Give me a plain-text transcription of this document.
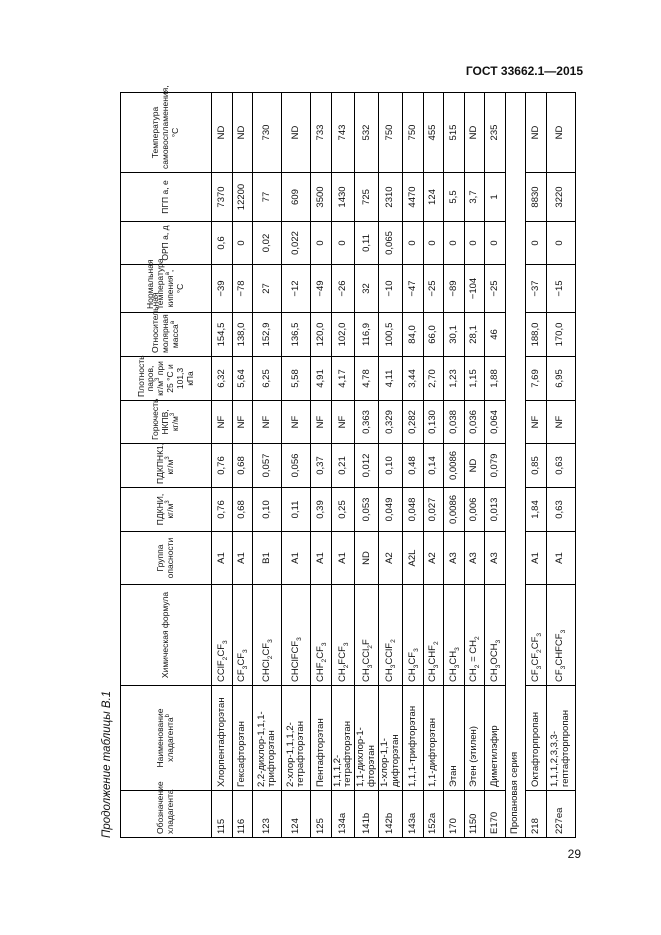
ГОСТ 33662.1—2015
Продолжение таблицы В.1	Обозначение хладагента	Наименование хладагента$^b$	Химическая формула	Группа опасности	ПДКНИ, $кг/м^3$	ПДКПНК1, $кг/м^3$	Горючесть НКПВ, $кг/м^3$	Плотность паров, $кг/м^3$ при 25 °C и 101,3 кПа	Относительная молярная масса$^a$	Нормальная температура кипения$^a$, °C	ОРП а, д	ПГП а, е	Температура самовоспламенения, °C
115	Хлорпентафторэтан	$CClF_2CF_3$	A1	0,76	0,76	NF	6,32	154,5	−39	0,6	7370	ND
116	Гексафторэтан	$CF_3CF_3$	A1	0,68	0,68	NF	5,64	138,0	−78	0	12200	ND
123	2,2-дихлор-1,1,1-трифторэтан	$CHCl_2CF_3$	B1	0,10	0,057	NF	6,25	152,9	27	0,02	77	730
124	2-хлор-1,1,1,2-тетрафторэтан	CHClFCF$_3$	A1	0,11	0,056	NF	5,58	136,5	−12	0,022	609	ND
125	Пентафторэтан	$CHF_2CF_3$	A1	0,39	0,37	NF	4,91	120,0	−49	0	3500	733
134a	1,1,1,2-тетрафторэтан	$CH_2FCF_3$	A1	0,25	0,21	NF	4,17	102,0	−26	0	1430	743
141b	1,1-дихлор-1-фторэтан	$CH_3CCl_2F$	ND	0,053	0,012	0,363	4,78	116,9	32	0,11	725	532
142b	1-хлор-1,1-дифторэтан	$CH_3CClF_2$	A2	0,049	0,10	0,329	4,11	100,5	−10	0,065	2310	750
143a	1,1,1-трифторэтан	$CH_3CF_3$	A2L	0,048	0,48	0,282	3,44	84,0	−47	0	4470	750
152a	1,1-дифторэтан	$CH_3CHF_2$	A2	0,027	0,14	0,130	2,70	66,0	−25	0	124	455
170	Этан	$CH_3CH_3$	A3	0,0086	0,0086	0,038	1,23	30,1	−89	0	5,5	515
1150	Этен (этилен)	$CH_2 = CH_2$	A3	0,006	ND	0,036	1,15	28,1	−104	0	3,7	ND
E170	Диметилэфир	$CH_3OCH_3$	A3	0,013	0,079	0,064	1,88	46	−25	0	1	235
Пропановая серия												
218	Октафторпропан	$CF_3CF_2CF_3$	A1	1,84	0,85	NF	7,69	188,0	−37	0	8830	ND
227ea	1,1,1,2,3,3,3-гептафторпропан	$CF_3CHFCF_3$	A1	0,63	0,63	NF	6,95	170,0	−15	0	3220	ND
29
